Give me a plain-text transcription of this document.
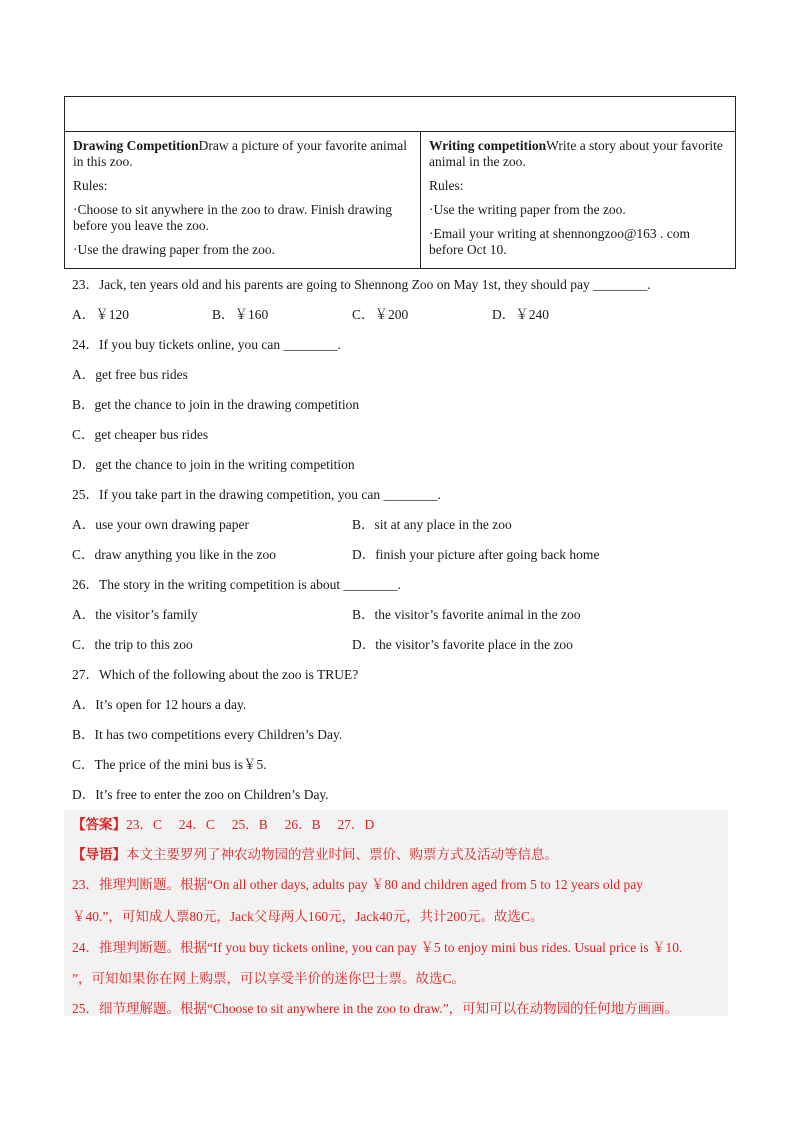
Drawing CompetitionDraw a picture of your favorite animal in this zoo.

Rules:

·Choose to sit anywhere in the zoo to draw. Finish drawing before you leave the zoo.

·Use the drawing paper from the zoo.

Writing competitionWrite a story about your favorite animal in the zoo.

Rules:

·Use the writing paper from the zoo.

·Email your writing at shennongzoo@163 . com before Oct 10.

23．Jack, ten years old and his parents are going to Shennong Zoo on May 1st, they should pay ________.
A．￥120	B．￥160	C．￥200	D．￥240
24．If you buy tickets online, you can ________.
A．get free bus rides
B．get the chance to join in the drawing competition
C．get cheaper bus rides
D．get the chance to join in the writing competition
25．If you take part in the drawing competition, you can ________.
A．use your own drawing paper	B．sit at any place in the zoo
C．draw anything you like in the zoo	D．finish your picture after going back home
26．The story in the writing competition is about ________.
A．the visitor’s family	B．the visitor’s favorite animal in the zoo
C．the trip to this zoo	D．the visitor’s favorite place in the zoo
27．Which of the following about the zoo is TRUE?
A．It’s open for 12 hours a day.
B．It has two competitions every Children’s Day.
C．The price of the mini bus is￥5.
D．It’s free to enter the zoo on Children’s Day.
【答案】23．C　 24．C　 25．B　 26．B　 27．D
【导语】本文主要罗列了神农动物园的营业时间、票价、购票方式及活动等信息。
23．推理判断题。根据“On all other days, adults pay ￥80 and children aged from 5 to 12 years old pay
￥40.”，可知成人票80元，Jack父母两人160元，Jack40元，共计200元。故选C。
24．推理判断题。根据“If you buy tickets online, you can pay ￥5 to enjoy mini bus rides. Usual price is ￥10.
”，可知如果你在网上购票，可以享受半价的迷你巴士票。故选C。
25．细节理解题。根据“Choose to sit anywhere in the zoo to draw.”，可知可以在动物园的任何地方画画。
